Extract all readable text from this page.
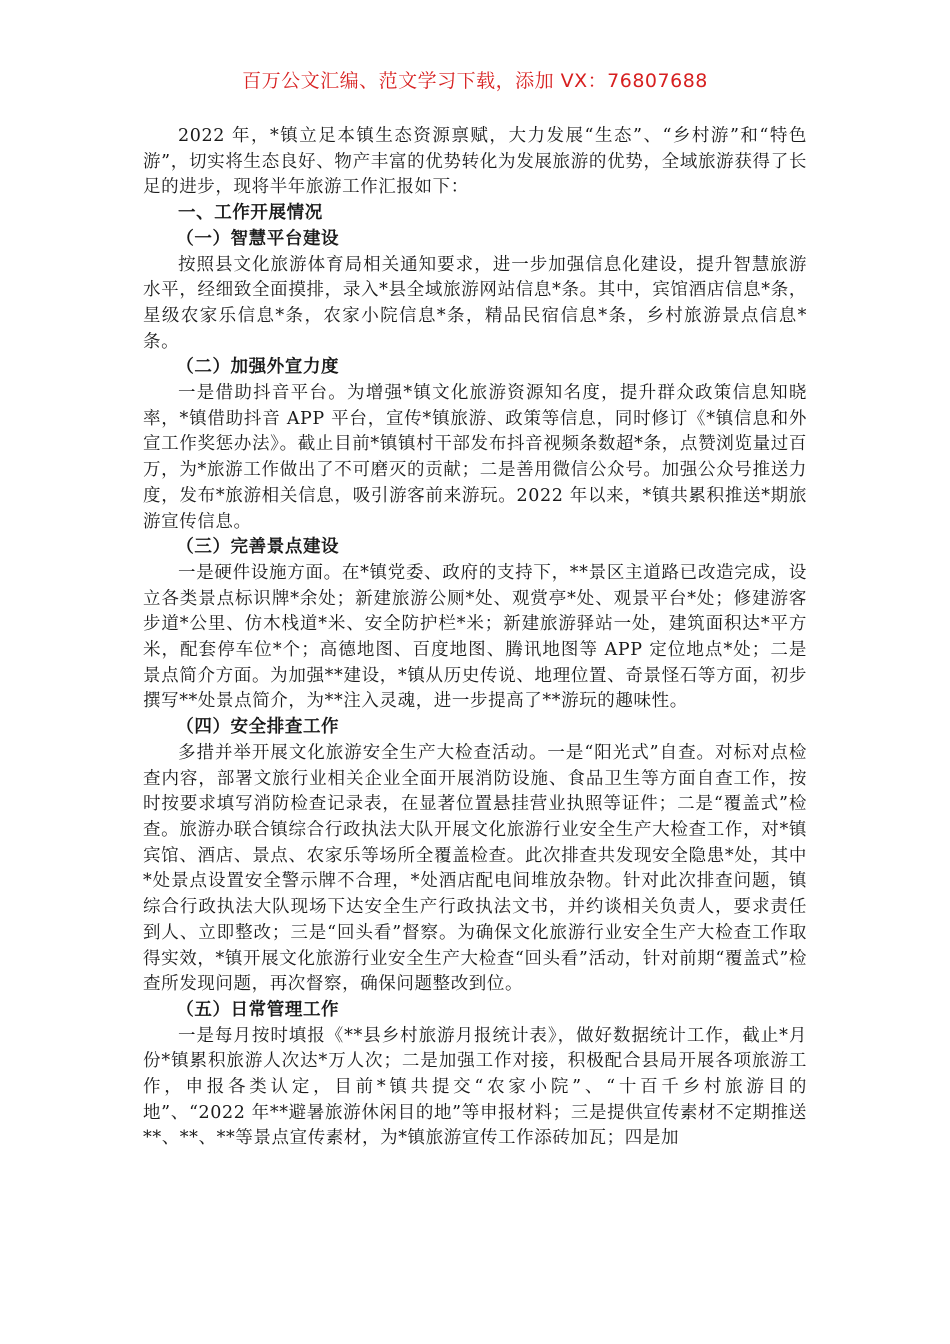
百万公文汇编、范文学习下载，添加 VX：76807688

2022 年，*镇立足本镇生态资源禀赋，大力发展“生态”、“乡村游”和“特色游”，切实将生态良好、物产丰富的优势转化为发展旅游的优势，全域旅游获得了长足的进步，现将半年旅游工作汇报如下：

一、工作开展情况
（一）智慧平台建设

按照县文化旅游体育局相关通知要求，进一步加强信息化建设，提升智慧旅游水平，经细致全面摸排，录入*县全域旅游网站信息*条。其中，宾馆酒店信息*条，星级农家乐信息*条，农家小院信息*条，精品民宿信息*条，乡村旅游景点信息*条。

（二）加强外宣力度

一是借助抖音平台。为增强*镇文化旅游资源知名度，提升群众政策信息知晓率，*镇借助抖音 APP 平台，宣传*镇旅游、政策等信息，同时修订《*镇信息和外宣工作奖惩办法》。截止目前*镇镇村干部发布抖音视频条数超*条，点赞浏览量过百万，为*旅游工作做出了不可磨灭的贡献；二是善用微信公众号。加强公众号推送力度，发布*旅游相关信息，吸引游客前来游玩。2022 年以来，*镇共累积推送*期旅游宣传信息。

（三）完善景点建设

一是硬件设施方面。在*镇党委、政府的支持下，**景区主道路已改造完成，设立各类景点标识牌*余处；新建旅游公厕*处、观赏亭*处、观景平台*处；修建游客步道*公里、仿木栈道*米、安全防护栏*米；新建旅游驿站一处，建筑面积达*平方米，配套停车位*个；高德地图、百度地图、腾讯地图等 APP 定位地点*处；二是景点简介方面。为加强**建设，*镇从历史传说、地理位置、奇景怪石等方面，初步撰写**处景点简介，为**注入灵魂，进一步提高了**游玩的趣味性。

（四）安全排查工作

多措并举开展文化旅游安全生产大检查活动。一是“阳光式”自查。对标对点检查内容，部署文旅行业相关企业全面开展消防设施、食品卫生等方面自查工作，按时按要求填写消防检查记录表，在显著位置悬挂营业执照等证件；二是“覆盖式”检查。旅游办联合镇综合行政执法大队开展文化旅游行业安全生产大检查工作，对*镇宾馆、酒店、景点、农家乐等场所全覆盖检查。此次排查共发现安全隐患*处，其中*处景点设置安全警示牌不合理，*处酒店配电间堆放杂物。针对此次排查问题，镇综合行政执法大队现场下达安全生产行政执法文书，并约谈相关负责人，要求责任到人、立即整改；三是“回头看”督察。为确保文化旅游行业安全生产大检查工作取得实效，*镇开展文化旅游行业安全生产大检查“回头看”活动，针对前期“覆盖式”检查所发现问题，再次督察，确保问题整改到位。

（五）日常管理工作

一是每月按时填报《**县乡村旅游月报统计表》，做好数据统计工作，截止*月份*镇累积旅游人次达*万人次；二是加强工作对接，积极配合县局开展各项旅游工作，申报各类认定，目前*镇共提交“农家小院”、“十百千乡村旅游目的地”、“2022 年**避暑旅游休闲目的地”等申报材料；三是提供宣传素材不定期推送**、**、**等景点宣传素材，为*镇旅游宣传工作添砖加瓦；四是加
